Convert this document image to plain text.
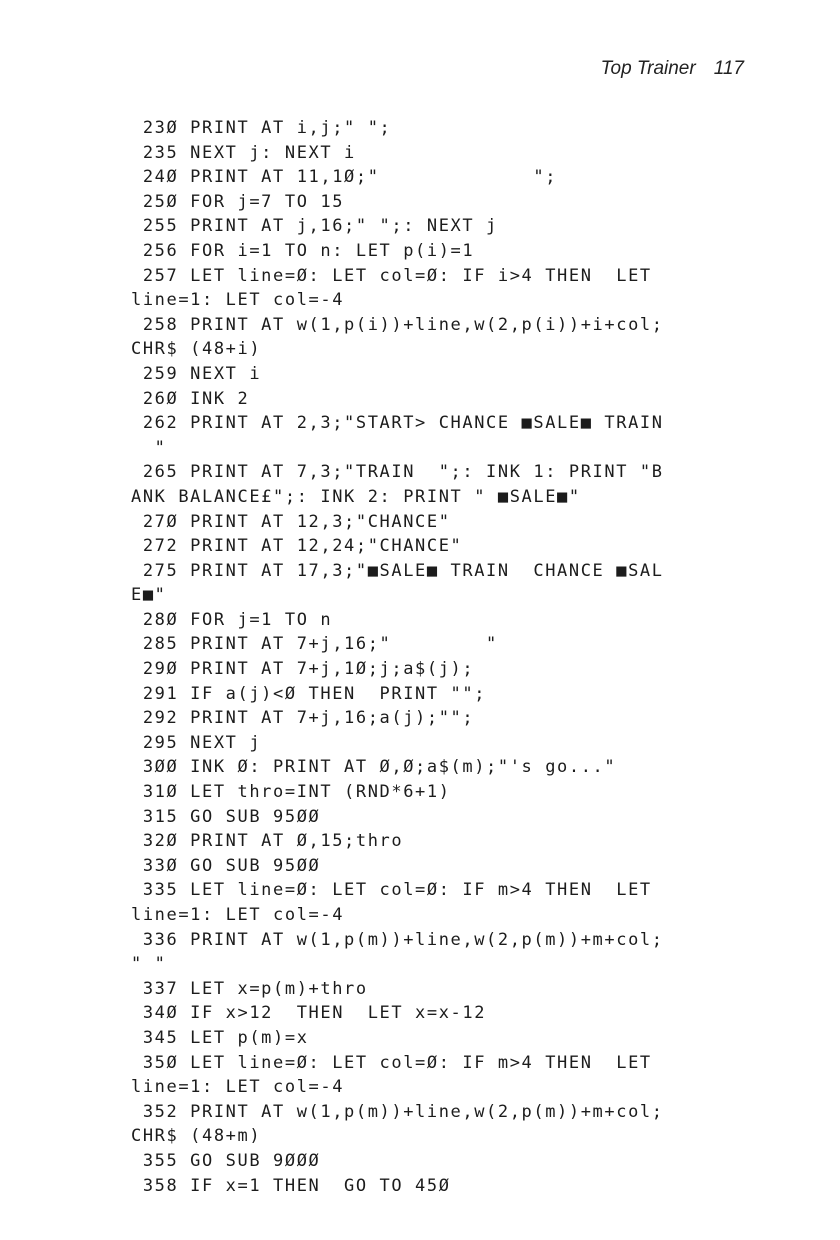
Top Trainer 117
23Ø PRINT AT i,j;" ";
235 NEXT j: NEXT i
24Ø PRINT AT 11,1Ø;"             ";
25Ø FOR j=7 TO 15
255 PRINT AT j,16;" ";: NEXT j
256 FOR i=1 TO n: LET p(i)=1
257 LET line=Ø: LET col=Ø: IF i>4 THEN  LET
line=1: LET col=-4
258 PRINT AT w(1,p(i))+line,w(2,p(i))+i+col;
CHR$ (48+i)
259 NEXT i
26Ø INK 2
262 PRINT AT 2,3;"START> CHANCE ■SALE■ TRAIN
"
265 PRINT AT 7,3;"TRAIN  ";: INK 1: PRINT "B
ANK BALANCE£";: INK 2: PRINT " ■SALE■"
27Ø PRINT AT 12,3;"CHANCE"
272 PRINT AT 12,24;"CHANCE"
275 PRINT AT 17,3;"■SALE■ TRAIN  CHANCE ■SAL
E■"
28Ø FOR j=1 TO n
285 PRINT AT 7+j,16;"        "
29Ø PRINT AT 7+j,1Ø;j;a$(j);
291 IF a(j)<Ø THEN  PRINT "";
292 PRINT AT 7+j,16;a(j);"";
295 NEXT j
3ØØ INK Ø: PRINT AT Ø,Ø;a$(m);"'s go..."
31Ø LET thro=INT (RND*6+1)
315 GO SUB 95ØØ
32Ø PRINT AT Ø,15;thro
33Ø GO SUB 95ØØ
335 LET line=Ø: LET col=Ø: IF m>4 THEN  LET
line=1: LET col=-4
336 PRINT AT w(1,p(m))+line,w(2,p(m))+m+col;
" "
337 LET x=p(m)+thro
34Ø IF x>12  THEN  LET x=x-12
345 LET p(m)=x
35Ø LET line=Ø: LET col=Ø: IF m>4 THEN  LET
line=1: LET col=-4
352 PRINT AT w(1,p(m))+line,w(2,p(m))+m+col;
CHR$ (48+m)
355 GO SUB 9ØØØ
358 IF x=1 THEN  GO TO 45Ø
